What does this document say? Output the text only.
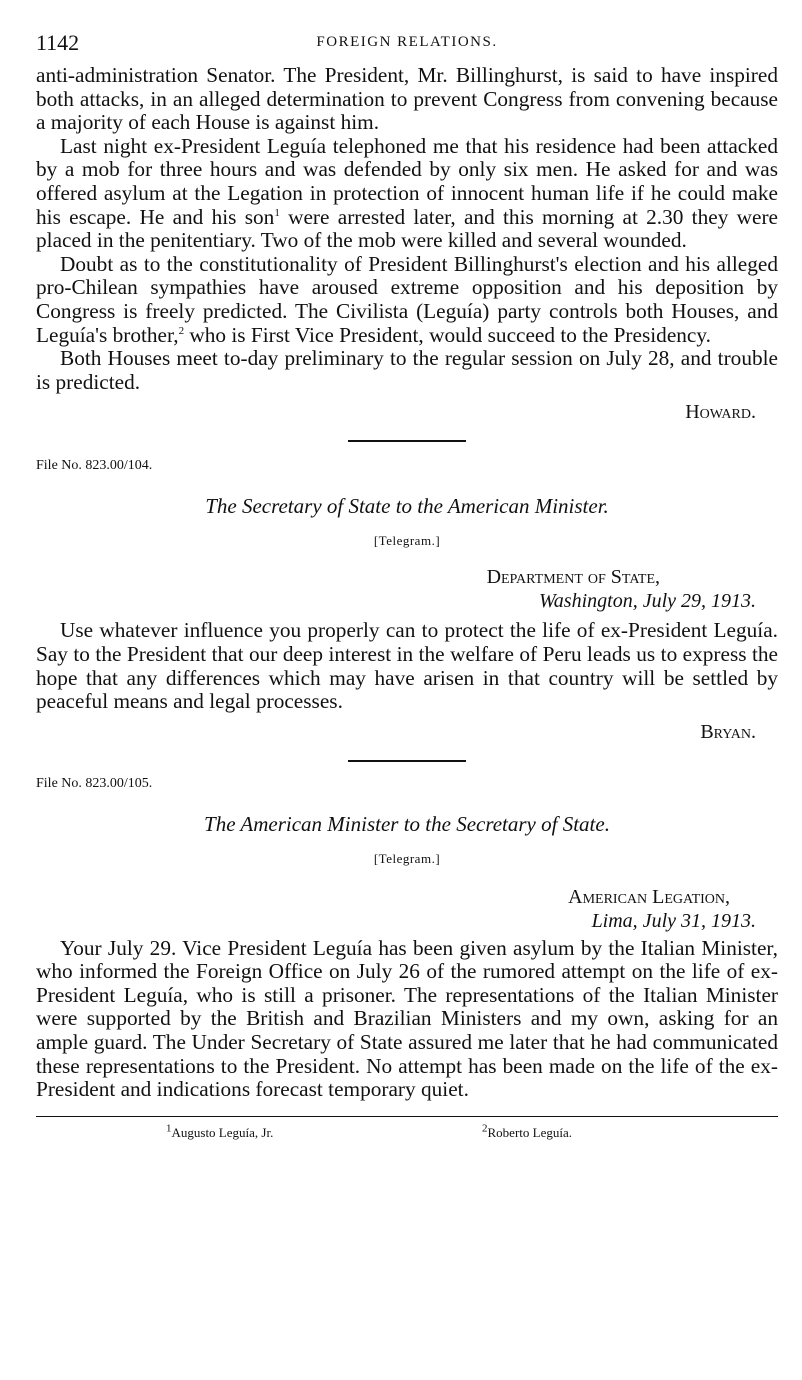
1142	FOREIGN RELATIONS.

anti-administration Senator. The President, Mr. Billinghurst, is said to have inspired both attacks, in an alleged determination to prevent Congress from convening because a majority of each House is against him.

Last night ex-President Leguía telephoned me that his residence had been attacked by a mob for three hours and was defended by only six men. He asked for and was offered asylum at the Legation in protection of innocent human life if he could make his escape. He and his son$^1$ were arrested later, and this morning at 2.30 they were placed in the penitentiary. Two of the mob were killed and several wounded.

Doubt as to the constitutionality of President Billinghurst's election and his alleged pro-Chilean sympathies have aroused extreme opposition and his deposition by Congress is freely predicted. The Civilista (Leguía) party controls both Houses, and Leguía's brother,$^2$ who is First Vice President, would succeed to the Presidency.

Both Houses meet to-day preliminary to the regular session on July 28, and trouble is predicted.

Howard.

File No. 823.00/104.

The Secretary of State to the American Minister.

[Telegram.]

Department of State,

Washington, July 29, 1913.

Use whatever influence you properly can to protect the life of ex-President Leguía. Say to the President that our deep interest in the welfare of Peru leads us to express the hope that any differences which may have arisen in that country will be settled by peaceful means and legal processes.

Bryan.

File No. 823.00/105.

The American Minister to the Secretary of State.

[Telegram.]

American Legation,

Lima, July 31, 1913.

Your July 29. Vice President Leguía has been given asylum by the Italian Minister, who informed the Foreign Office on July 26 of the rumored attempt on the life of ex-President Leguía, who is still a prisoner. The representations of the Italian Minister were supported by the British and Brazilian Ministers and my own, asking for an ample guard. The Under Secretary of State assured me later that he had communicated these representations to the President. No attempt has been made on the life of the ex-President and indications forecast temporary quiet.

$^1$Augusto Leguía, Jr.	$^2$Roberto Leguía.
